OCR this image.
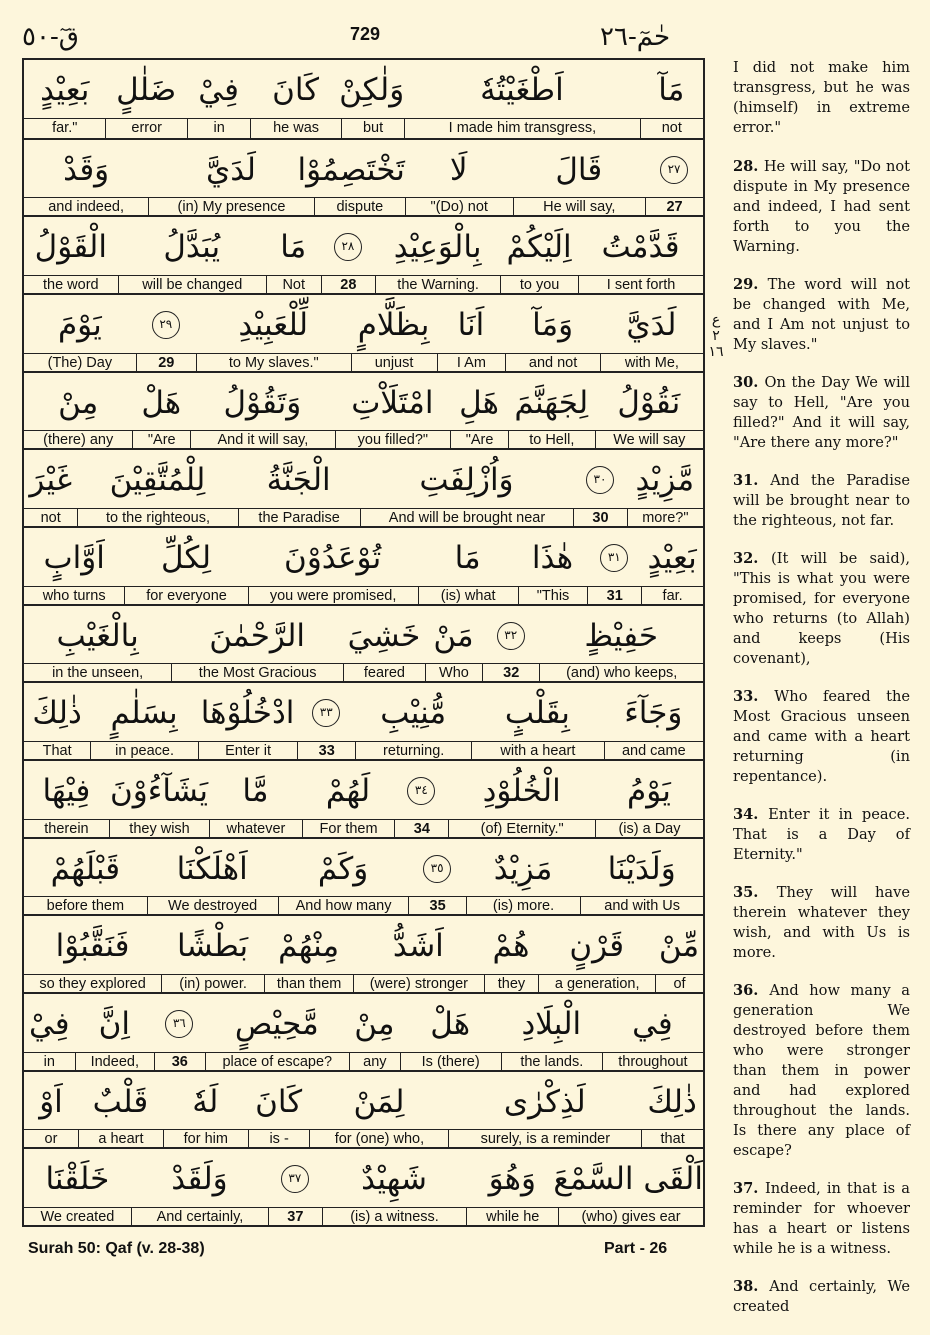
حٰمٓ-٢٦
729
قٓ-٥٠
مَآ
اَطْغَيْتُهٗ
وَلٰكِنْ
كَانَ
فِيْ
ضَلٰلٍ
بَعِيْدٍ
not
I made him transgress,
but
he was
in
error
far."
٢٧
قَالَ
لَا
تَخْتَصِمُوْا
لَدَيَّ
وَقَدْ
27
He will say,
"(Do) not
dispute
(in) My presence
and indeed,
قَدَّمْتُ
اِلَيْكُمْ
بِالْوَعِيْدِ
٢٨
مَا
يُبَدَّلُ
الْقَوْلُ
I sent forth
to you
the Warning.
28
Not
will be changed
the word
لَدَيَّ
وَمَآ
اَنَا
بِظَلَّامٍ
لِّلْعَبِيْدِ
٢٩
يَوْمَ
with Me,
and not
I Am
unjust
to My slaves."
29
(The) Day
نَقُوْلُ
لِجَهَنَّمَ
هَلِ
امْتَلَاْتِ
وَتَقُوْلُ
هَلْ
مِنْ
We will say
to Hell,
"Are
you filled?"
And it will say,
"Are
(there) any
مَّزِيْدٍ
٣٠
وَاُزْلِفَتِ
الْجَنَّةُ
لِلْمُتَّقِيْنَ
غَيْرَ
more?"
30
And will be brought near
the Paradise
to the righteous,
not
بَعِيْدٍ
٣١
هٰذَا
مَا
تُوْعَدُوْنَ
لِكُلِّ
اَوَّابٍ
far.
31
"This
(is) what
you were promised,
for everyone
who turns
حَفِيْظٍ
٣٢
مَنْ
خَشِيَ
الرَّحْمٰنَ
بِالْغَيْبِ
(and) who keeps,
32
Who
feared
the Most Gracious
in the unseen,
وَجَآءَ
بِقَلْبٍ
مُّنِيْبِ
٣٣
ادْخُلُوْهَا
بِسَلٰمٍ
ذٰلِكَ
and came
with a heart
returning.
33
Enter it
in peace.
That
يَوْمُ
الْخُلُوْدِ
٣٤
لَهُمْ
مَّا
يَشَآءُوْنَ
فِيْهَا
(is) a Day
(of) Eternity."
34
For them
whatever
they wish
therein
وَلَدَيْنَا
مَزِيْدٌ
٣٥
وَكَمْ
اَهْلَكْنَا
قَبْلَهُمْ
and with Us
(is) more.
35
And how many
We destroyed
before them
مِّنْ
قَرْنٍ
هُمْ
اَشَدُّ
مِنْهُمْ
بَطْشًا
فَنَقَّبُوْا
of
a generation,
they
(were) stronger
than them
(in) power.
so they explored
فِي
الْبِلَادِ
هَلْ
مِنْ
مَّحِيْصٍ
٣٦
اِنَّ
فِيْ
throughout
the lands.
Is (there)
any
place of escape?
36
Indeed,
in
ذٰلِكَ
لَذِكْرٰى
لِمَنْ
كَانَ
لَهٗ
قَلْبٌ
اَوْ
that
surely, is a reminder
for (one) who,
is -
for him
a heart
or
اَلْقَى السَّمْعَ
وَهُوَ
شَهِيْدٌ
٣٧
وَلَقَدْ
خَلَقْنَا
(who) gives ear
while he
(is) a witness.
37
And certainly,
We created
ع ٢ ١٦

I did not make him transgress, but he was (himself) in extreme error."

28. He will say, "Do not dispute in My presence and indeed, I had sent forth to you the Warning.

29. The word will not be changed with Me, and I Am not unjust to My slaves."

30. On the Day We will say to Hell, "Are you filled?" And it will say, "Are there any more?"

31. And the Paradise will be brought near to the righteous, not far.

32. (It will be said), "This is what you were promised, for everyone who returns (to Allah) and keeps (His covenant),

33. Who feared the Most Gracious unseen and came with a heart returning (in repentance).

34. Enter it in peace. That is a Day of Eternity."

35. They will have therein whatever they wish, and with Us is more.

36. And how many a generation We destroyed before them who were stronger than them in power and had explored throughout the lands. Is there any place of escape?

37. Indeed, in that is a reminder for whoever has a heart or listens while he is a witness.

38. And certainly, We created

Surah 50: Qaf (v. 28-38)	Part - 26
